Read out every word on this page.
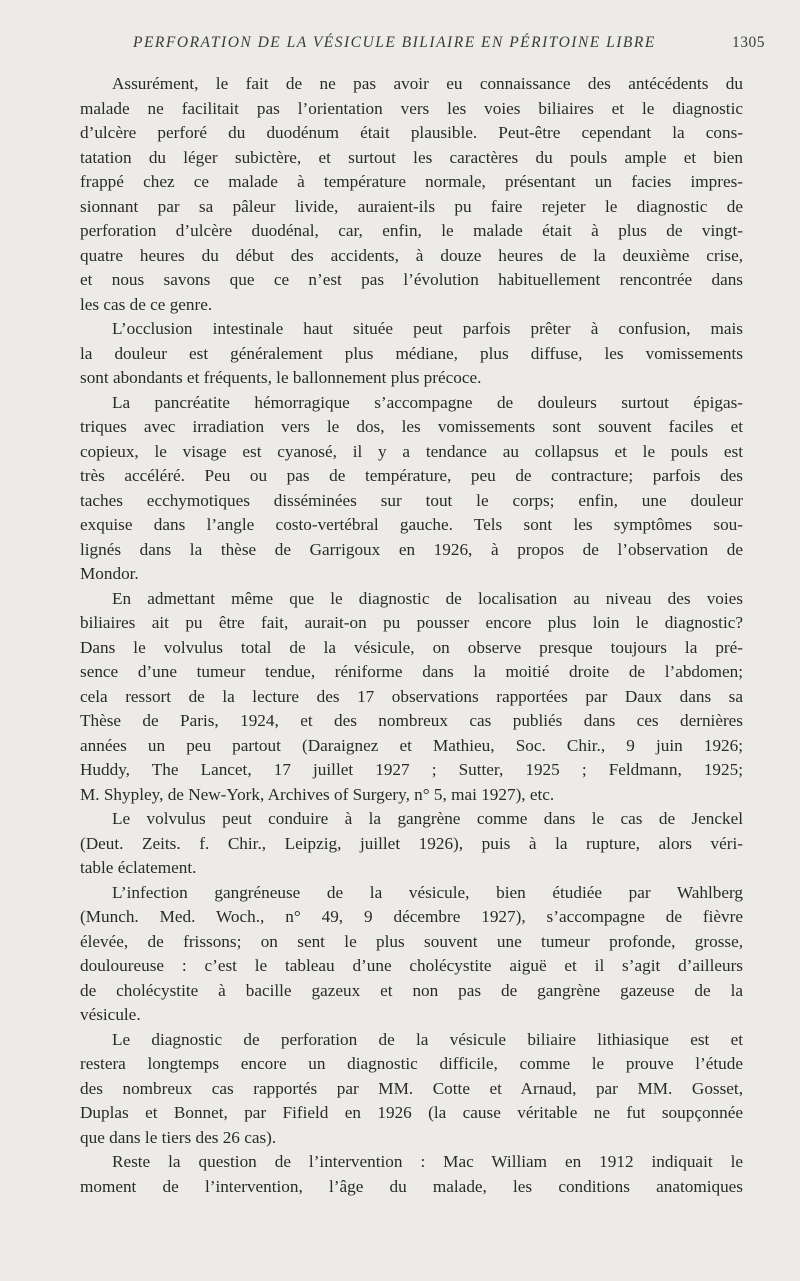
PERFORATION DE LA VÉSICULE BILIAIRE EN PÉRITOINE LIBRE	1305
Assurément, le fait de ne pas avoir eu connaissance des antécédents du
malade ne facilitait pas l’orientation vers les voies biliaires et le diagnostic
d’ulcère perforé du duodénum était plausible. Peut-être cependant la cons-
tatation du léger subictère, et surtout les caractères du pouls ample et bien
frappé chez ce malade à température normale, présentant un facies impres-
sionnant par sa pâleur livide, auraient-ils pu faire rejeter le diagnostic de
perforation d’ulcère duodénal, car, enfin, le malade était à plus de vingt-
quatre heures du début des accidents, à douze heures de la deuxième crise,
et nous savons que ce n’est pas l’évolution habituellement rencontrée dans
les cas de ce genre.
L’occlusion intestinale haut située peut parfois prêter à confusion, mais
la douleur est généralement plus médiane, plus diffuse, les vomissements
sont abondants et fréquents, le ballonnement plus précoce.
La pancréatite hémorragique s’accompagne de douleurs surtout épigas-
triques avec irradiation vers le dos, les vomissements sont souvent faciles et
copieux, le visage est cyanosé, il y a tendance au collapsus et le pouls est
très accéléré. Peu ou pas de température, peu de contracture; parfois des
taches ecchymotiques disséminées sur tout le corps; enfin, une douleur
exquise dans l’angle costo-vertébral gauche. Tels sont les symptômes sou-
lignés dans la thèse de Garrigoux en 1926, à propos de l’observation de
Mondor.
En admettant même que le diagnostic de localisation au niveau des voies
biliaires ait pu être fait, aurait-on pu pousser encore plus loin le diagnostic?
Dans le volvulus total de la vésicule, on observe presque toujours la pré-
sence d’une tumeur tendue, réniforme dans la moitié droite de l’abdomen;
cela ressort de la lecture des 17 observations rapportées par Daux dans sa
Thèse de Paris, 1924, et des nombreux cas publiés dans ces dernières
années un peu partout (Daraignez et Mathieu, Soc. Chir., 9 juin 1926;
Huddy, The Lancet, 17 juillet 1927 ; Sutter, 1925 ; Feldmann, 1925;
M. Shypley, de New-York, Archives of Surgery, n° 5, mai 1927), etc.
Le volvulus peut conduire à la gangrène comme dans le cas de Jenckel
(Deut. Zeits. f. Chir., Leipzig, juillet 1926), puis à la rupture, alors véri-
table éclatement.
L’infection gangréneuse de la vésicule, bien étudiée par Wahlberg
(Munch. Med. Woch., n° 49, 9 décembre 1927), s’accompagne de fièvre
élevée, de frissons; on sent le plus souvent une tumeur profonde, grosse,
douloureuse : c’est le tableau d’une cholécystite aiguë et il s’agit d’ailleurs
de cholécystite à bacille gazeux et non pas de gangrène gazeuse de la
vésicule.
Le diagnostic de perforation de la vésicule biliaire lithiasique est et
restera longtemps encore un diagnostic difficile, comme le prouve l’étude
des nombreux cas rapportés par MM. Cotte et Arnaud, par MM. Gosset,
Duplas et Bonnet, par Fifield en 1926 (la cause véritable ne fut soupçonnée
que dans le tiers des 26 cas).
Reste la question de l’intervention : Mac William en 1912 indiquait le
moment de l’intervention, l’âge du malade, les conditions anatomiques
